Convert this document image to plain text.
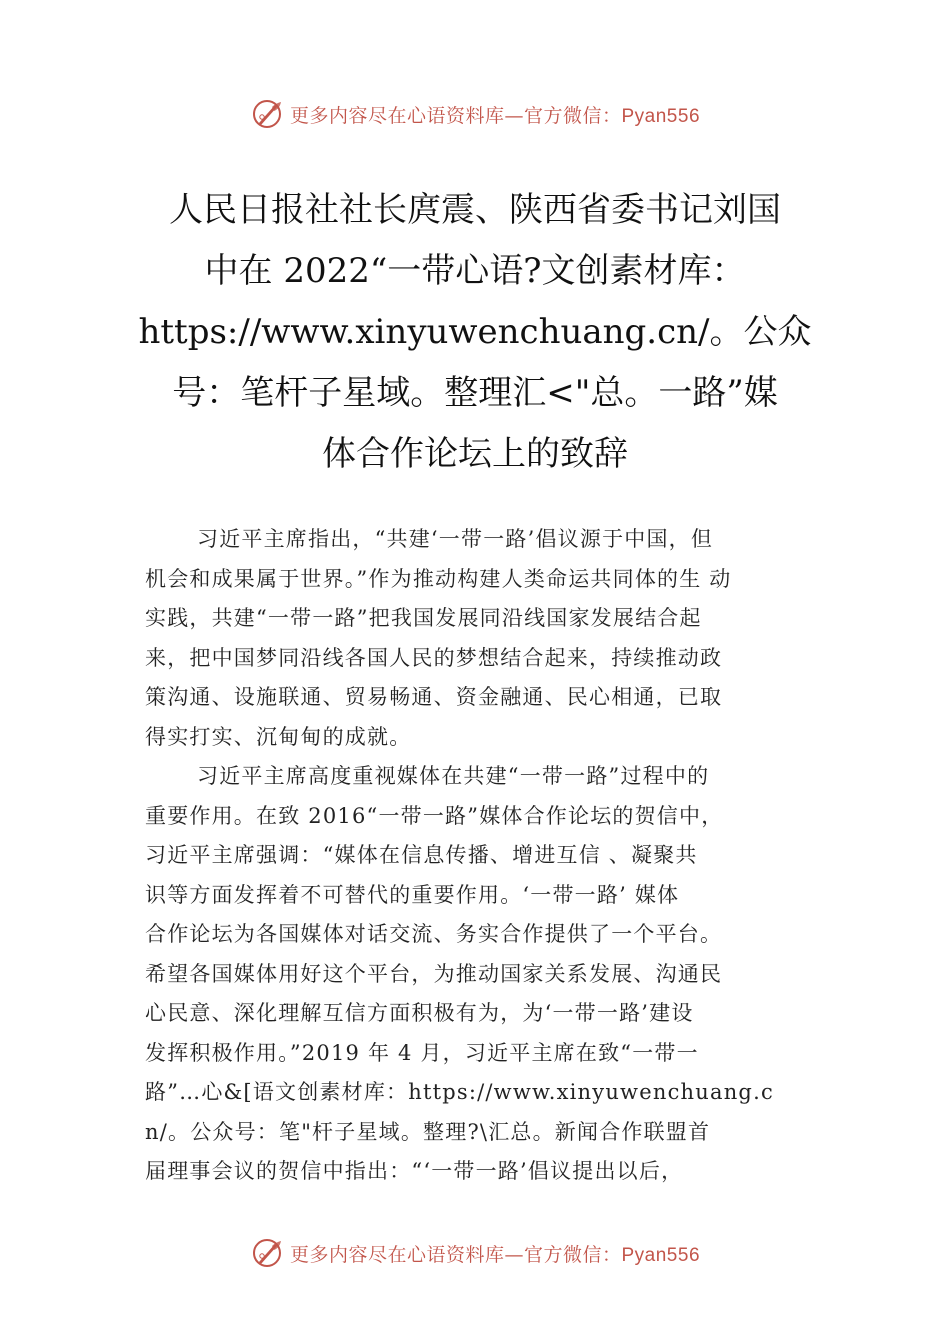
更多内容尽在心语资料库—官方微信：Pyan556
人民日报社社长庹震、陕西省委书记刘国
中在 2022“一带心语?文创素材库：
https://www.xinyuwenchuang.cn/。公众
号：笔杆子星域。整理汇<"总。一路”媒
体合作论坛上的致辞
习近平主席指出，“共建‘一带一路’倡议源于中国，但
机会和成果属于世界。”作为推动构建人类命运共同体的生 动
实践，共建“一带一路”把我国发展同沿线国家发展结合起
来，把中国梦同沿线各国人民的梦想结合起来，持续推动政
策沟通、设施联通、贸易畅通、资金融通、民心相通，已取
得实打实、沉甸甸的成就。
习近平主席高度重视媒体在共建“一带一路”过程中的
重要作用。在致 2016“一带一路”媒体合作论坛的贺信中，
习近平主席强调：“媒体在信息传播、增进互信 、凝聚共
识等方面发挥着不可替代的重要作用。‘一带一路’ 媒体
合作论坛为各国媒体对话交流、务实合作提供了一个平台。
希望各国媒体用好这个平台，为推动国家关系发展、沟通民
心民意、深化理解互信方面积极有为，为‘一带一路’建设
发挥积极作用。”2019 年 4 月，习近平主席在致“一带一
路”…心&[语文创素材库：https://www.xinyuwenchuang.c
n/。公众号：笔"杆子星域。整理?\汇总。新闻合作联盟首
届理事会议的贺信中指出：“‘一带一路’倡议提出以后，
更多内容尽在心语资料库—官方微信：Pyan556
